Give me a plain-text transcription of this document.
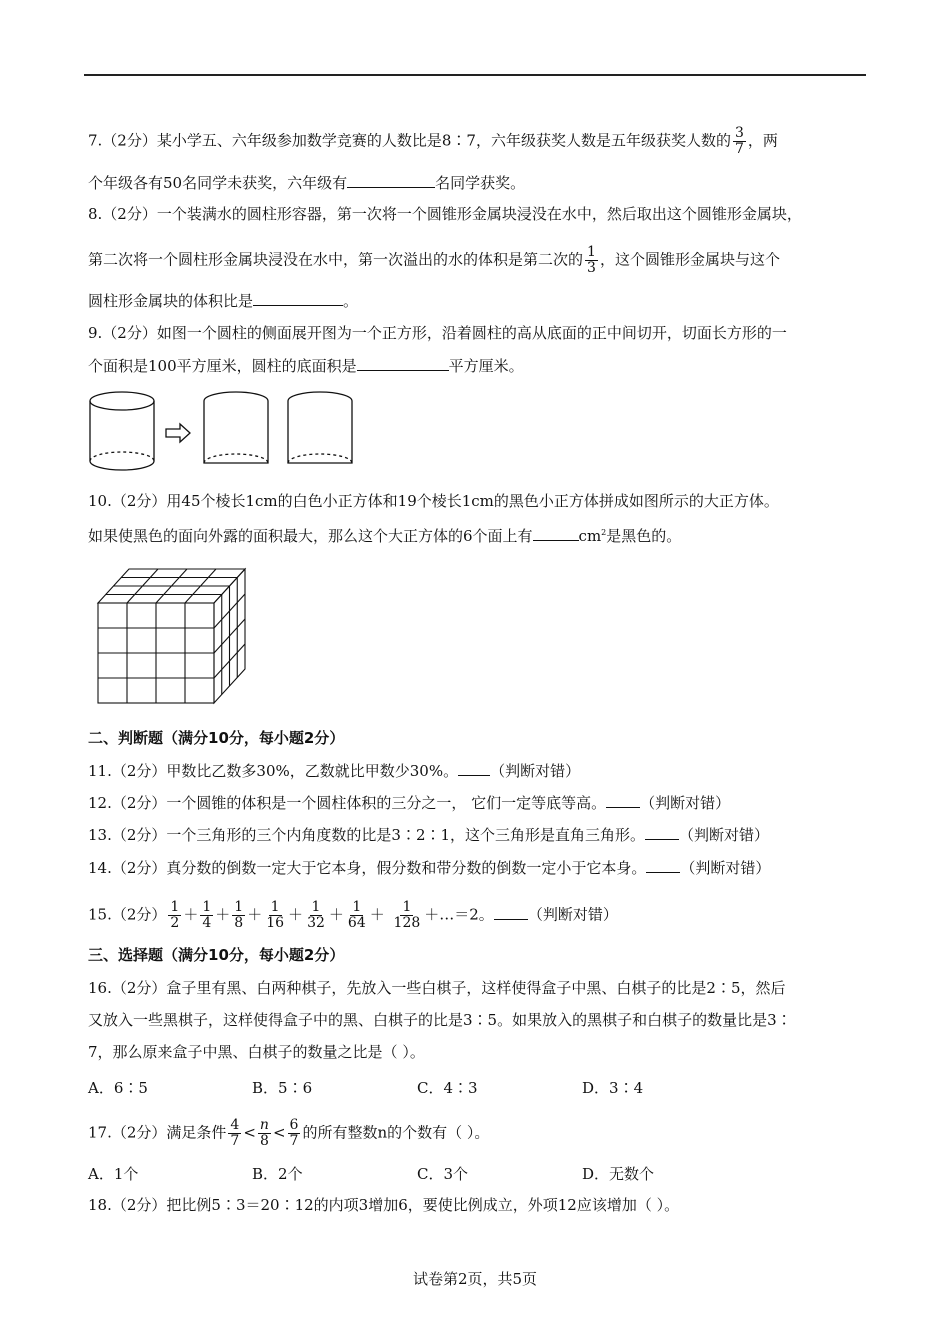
7.（2分）某小学五、六年级参加数学竞赛的人数比是8∶7，六年级获奖人数是五年级获奖人数的 $\frac{3}{7}$ ，两
个年级各有50名同学未获奖，六年级有	名同学获奖。
8.（2分）一个装满水的圆柱形容器，第一次将一个圆锥形金属块浸没在水中，然后取出这个圆锥形金属块，
第二次将一个圆柱形金属块浸没在水中，第一次溢出的水的体积是第二次的 $\frac{1}{3}$ ，这个圆锥形金属块与这个
圆柱形金属块的体积比是	。
9.（2分）如图一个圆柱的侧面展开图为一个正方形，沿着圆柱的高从底面的正中间切开，切面长方形的一
个面积是100平方厘米，圆柱的底面积是	平方厘米。
10.（2分）用45个棱长1cm的白色小正方体和19个棱长1cm的黑色小正方体拼成如图所示的大正方体。
如果使黑色的面向外露的面积最大，那么这个大正方体的6个面上有	$cm^2$是黑色的。
二、判断题（满分10分，每小题2分）
11.（2分）甲数比乙数多30%，乙数就比甲数少30%。 （判断对错）
12.（2分）一个圆锥的体积是一个圆柱体积的三分之一， 它们一定等底等高。 （判断对错）
13.（2分）一个三角形的三个内角度数的比是3∶2∶1，这个三角形是直角三角形。 （判断对错）
14.（2分）真分数的倒数一定大于它本身，假分数和带分数的倒数一定小于它本身。 （判断对错）
15.（2分） $\frac{1}{2} + \frac{1}{4} + \frac{1}{8} + \frac{1}{16} + \frac{1}{32} + \frac{1}{64} + \frac{1}{128}$ ＋…＝2。 （判断对错）
三、选择题（满分10分，每小题2分）
16.（2分）盒子里有黑、白两种棋子，先放入一些白棋子，这样使得盒子中黑、白棋子的比是2∶5，然后
又放入一些黑棋子，这样使得盒子中的黑、白棋子的比是3∶5。如果放入的黑棋子和白棋子的数量比是3∶
7，那么原来盒子中黑、白棋子的数量之比是（ ）。
A．6∶5	B．5∶6	C．4∶3	D．3∶4
17.（2分）满足条件 $\frac{4}{7} < \frac{n}{8} < \frac{6}{7}$ 的所有整数n的个数有（ ）。
A．1个	B．2个	C．3个	D．无数个
18.（2分）把比例5∶3＝20∶12的内项3增加6，要使比例成立，外项12应该增加（ ）。
试卷第2页，共5页
